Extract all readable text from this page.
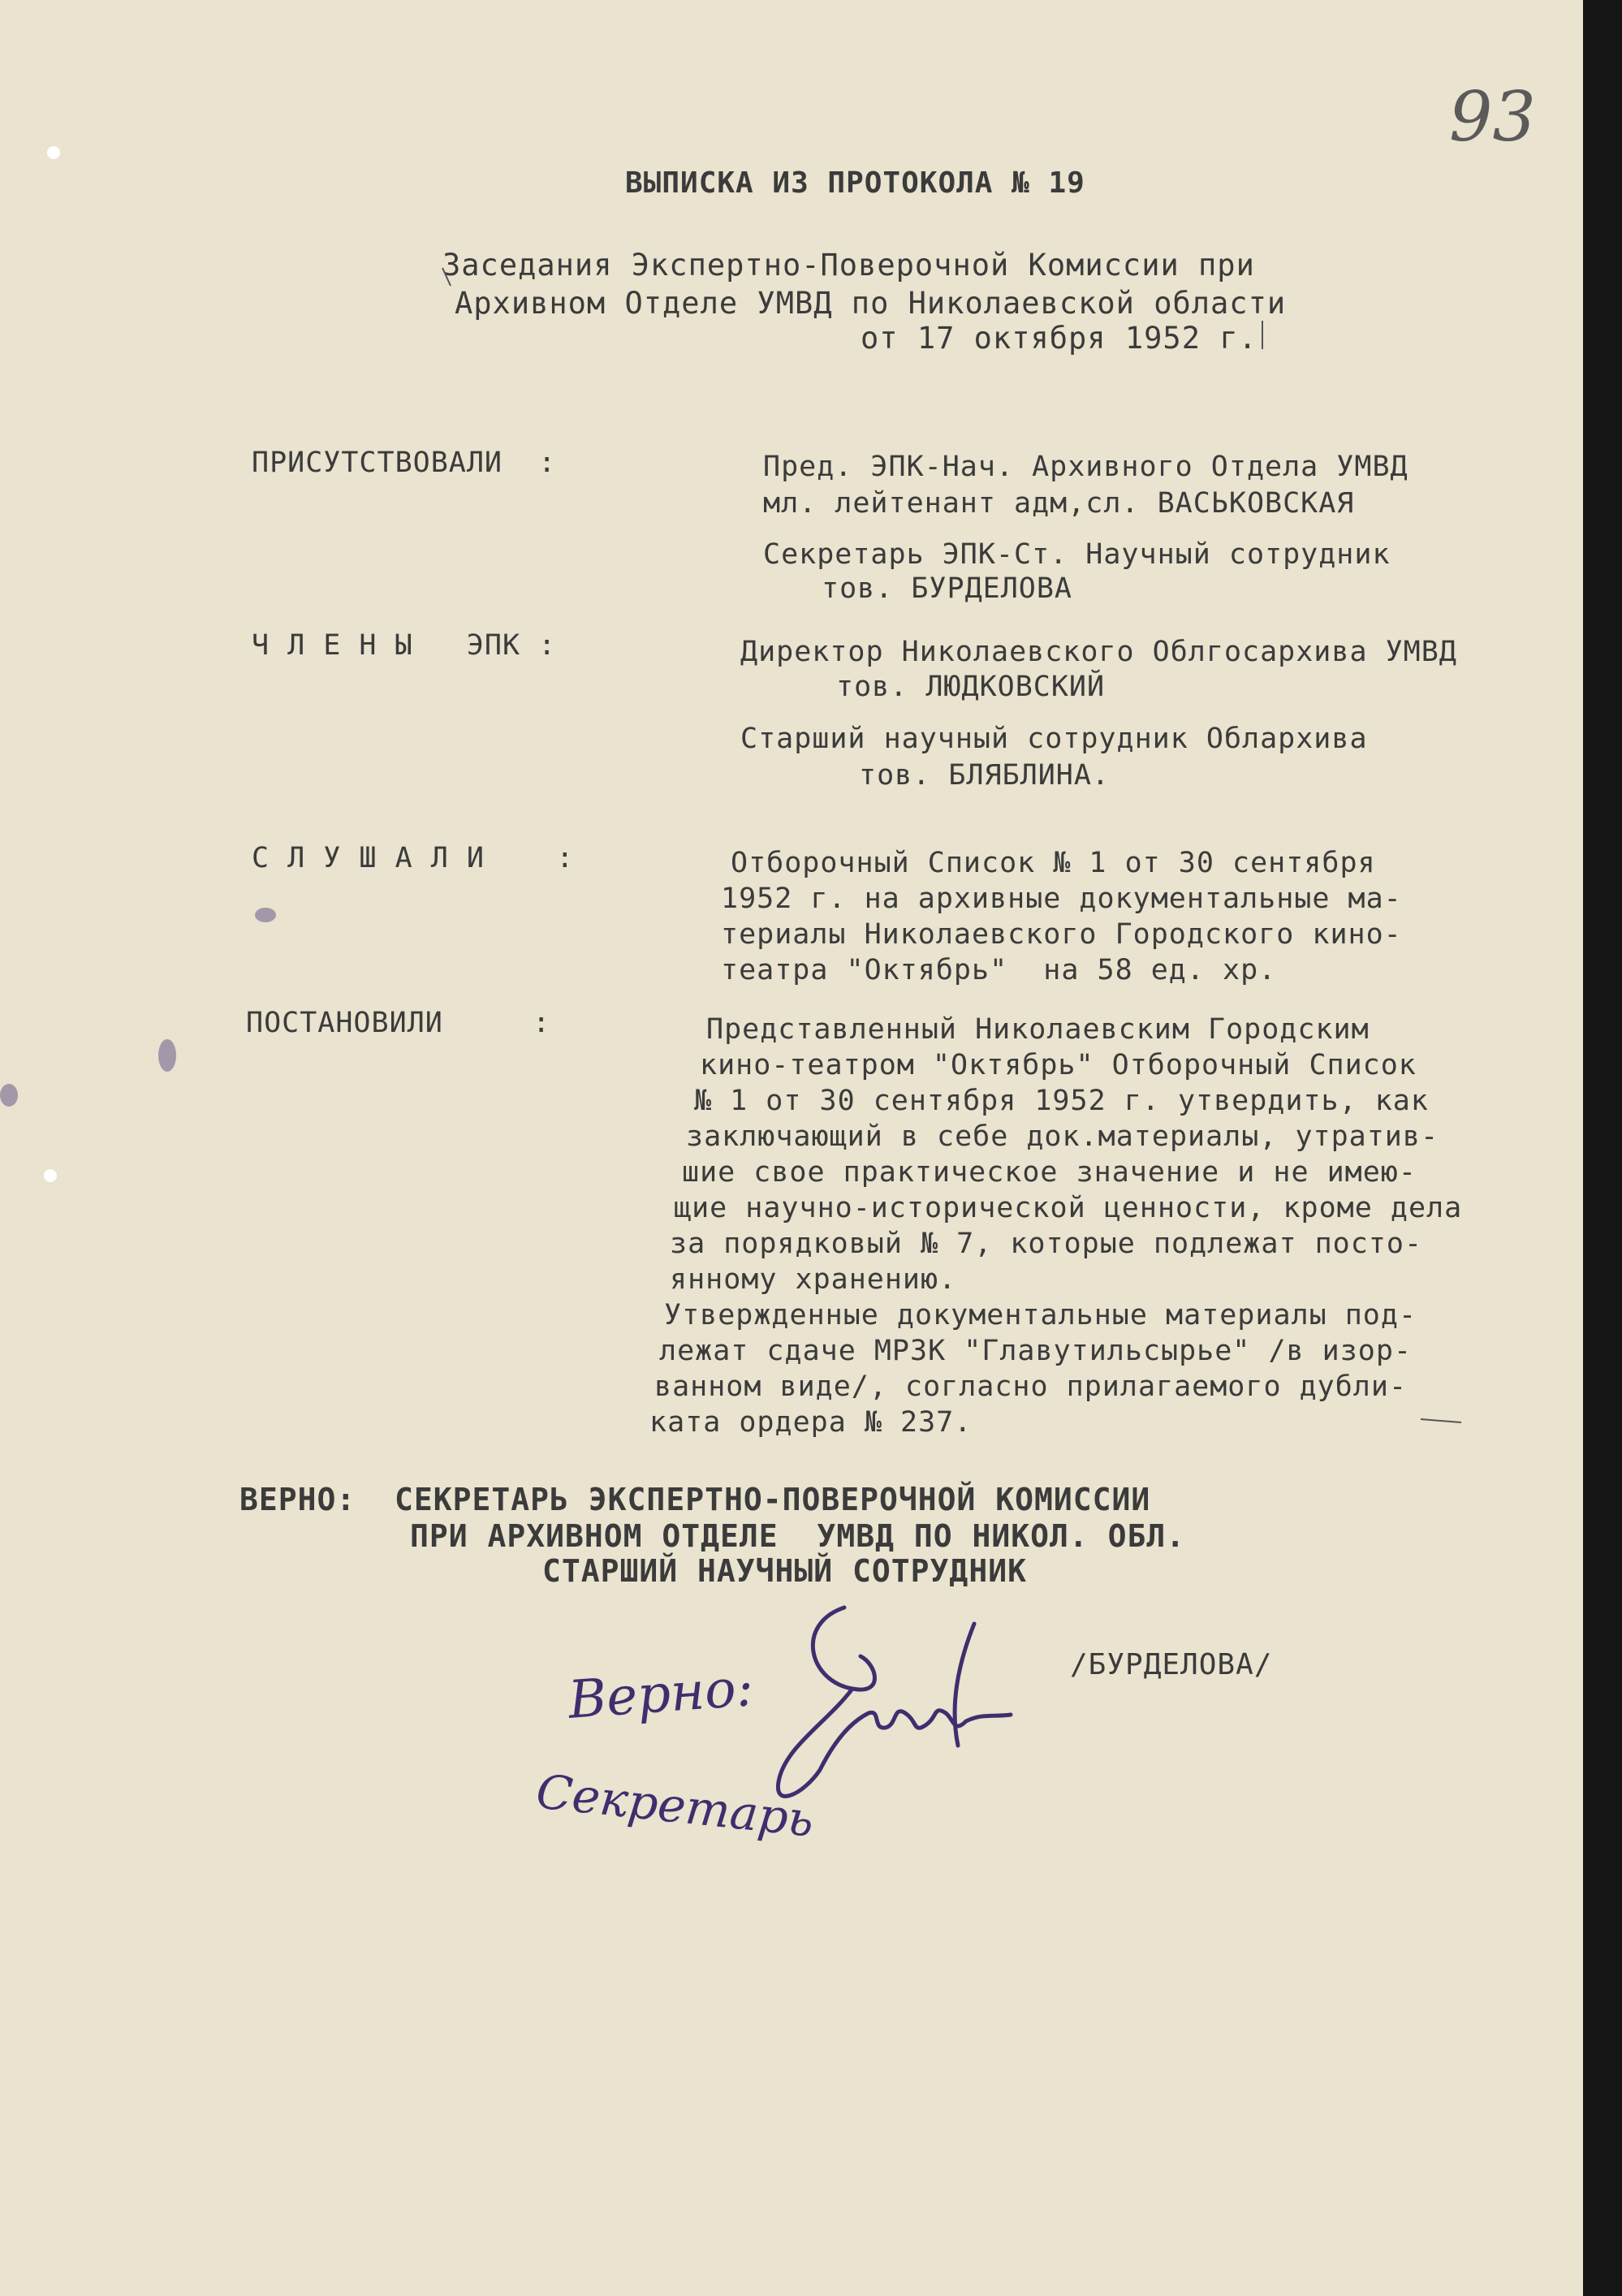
93
ВЫПИСКА ИЗ ПРОТОКОЛА № 19
Заседания Экспертно-Поверочной Комиссии при
Архивном Отделе УМВД по Николаевской области
от 17 октября 1952 г.
ПРИСУТСТВОВАЛИ  :	Пред. ЭПК-Нач. Архивного Отдела УМВД
мл. лейтенант адм,сл. ВАСЬКОВСКАЯ
Секретарь ЭПК-Ст. Научный сотрудник
тов. БУРДЕЛОВА
Ч Л Е Н Ы   ЭПК :	Директор Николаевского Облгосархива УМВД
тов. ЛЮДКОВСКИЙ
Старший научный сотрудник Облархива
тов. БЛЯБЛИНА.
С Л У Ш А Л И    :	Отборочный Список № 1 от 30 сентября
1952 г. на архивные документальные ма-
териалы Николаевского Городского кино-
театра "Октябрь"  на 58 ед. хр.
ПОСТАНОВИЛИ     :	Представленный Николаевским Городским
кино-театром "Октябрь" Отборочный Список
№ 1 от 30 сентября 1952 г. утвердить, как
заключающий в себе док.материалы, утратив-
шие свое практическое значение и не имею-
щие научно-исторической ценности, кроме дела
за порядковый № 7, которые подлежат посто-
янному хранению.
Утвержденные документальные материалы под-
лежат сдаче МРЗК "Главутильсырье" /в изор-
ванном виде/, согласно прилагаемого дубли-
ката ордера № 237.
ВЕРНО:  СЕКРЕТАРЬ ЭКСПЕРТНО-ПОВЕРОЧНОЙ КОМИССИИ
ПРИ АРХИВНОМ ОТДЕЛЕ  УМВД ПО НИКОЛ. ОБЛ.
СТАРШИЙ НАУЧНЫЙ СОТРУДНИК
/БУРДЕЛОВА/
Верно:
Секретарь
